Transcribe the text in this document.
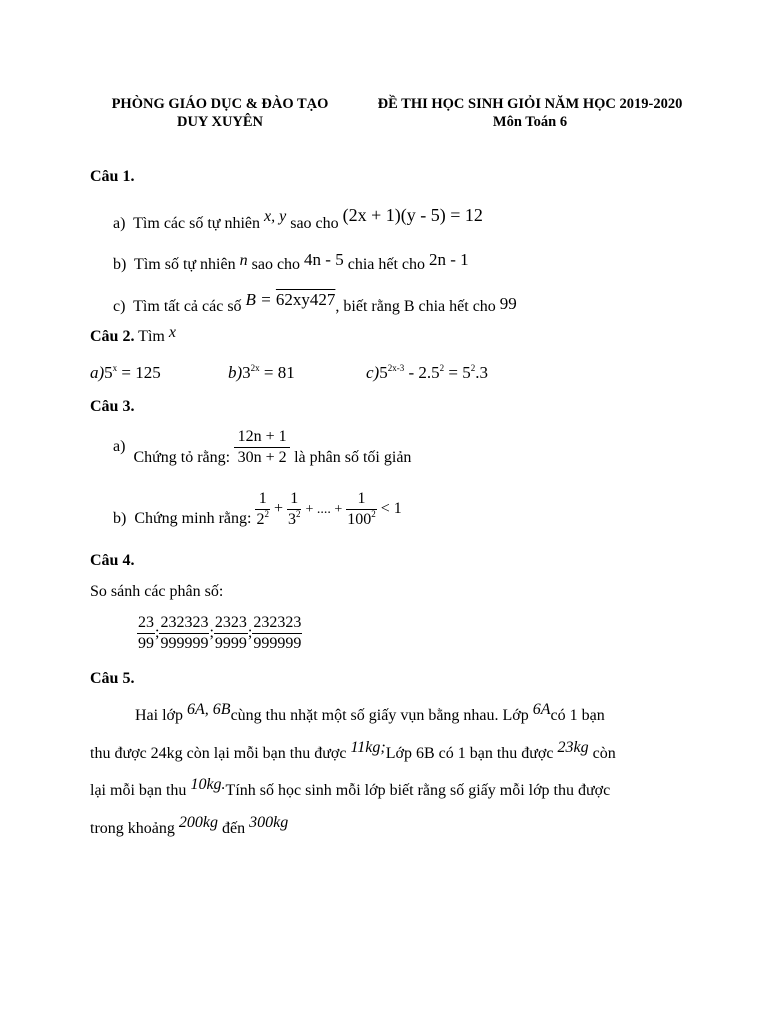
PHÒNG GIÁO DỤC & ĐÀO TẠO
DUY XUYÊN
ĐỀ THI HỌC SINH GIỎI NĂM HỌC 2019-2020
Môn Toán 6
Câu 1.
a) Tìm các số tự nhiên x, y sao cho (2x + 1)(y - 5) = 12
b) Tìm số tự nhiên n sao cho 4n - 5 chia hết cho 2n - 1
c) Tìm tất cả các số B = 62xy427, biết rằng B chia hết cho 99
Câu 2. Tìm x
$a)5^x = 125$	$b)3^{2x} = 81$	$c)5^{2x-3} - 2.5^2 = 5^2.3$
Câu 3.
a)  Chứng tỏ rằng: $\frac{12n + 1}{30n + 2}$ là phân số tối giản
b) Chứng minh rằng: $\frac{1}{2^2} + \frac{1}{3^2}$ + .... + $\frac{1}{100^2} < 1$
Câu 4.
So sánh các phân số:
$\frac{23}{99}$ ; $\frac{232323}{999999}$ ; $\frac{2323}{9999}$ ; $\frac{232323}{999999}$
Câu 5.
Hai lớp 6A, 6Bcùng thu nhặt một số giấy vụn bằng nhau. Lớp 6Acó 1 bạn
thu được 24kg còn lại mỗi bạn thu được 11kg;Lớp 6B có 1 bạn thu được 23kg còn
lại mỗi bạn thu 10kg.Tính số học sinh mỗi lớp biết rằng số giấy mỗi lớp thu được
trong khoảng 200kg đến 300kg
